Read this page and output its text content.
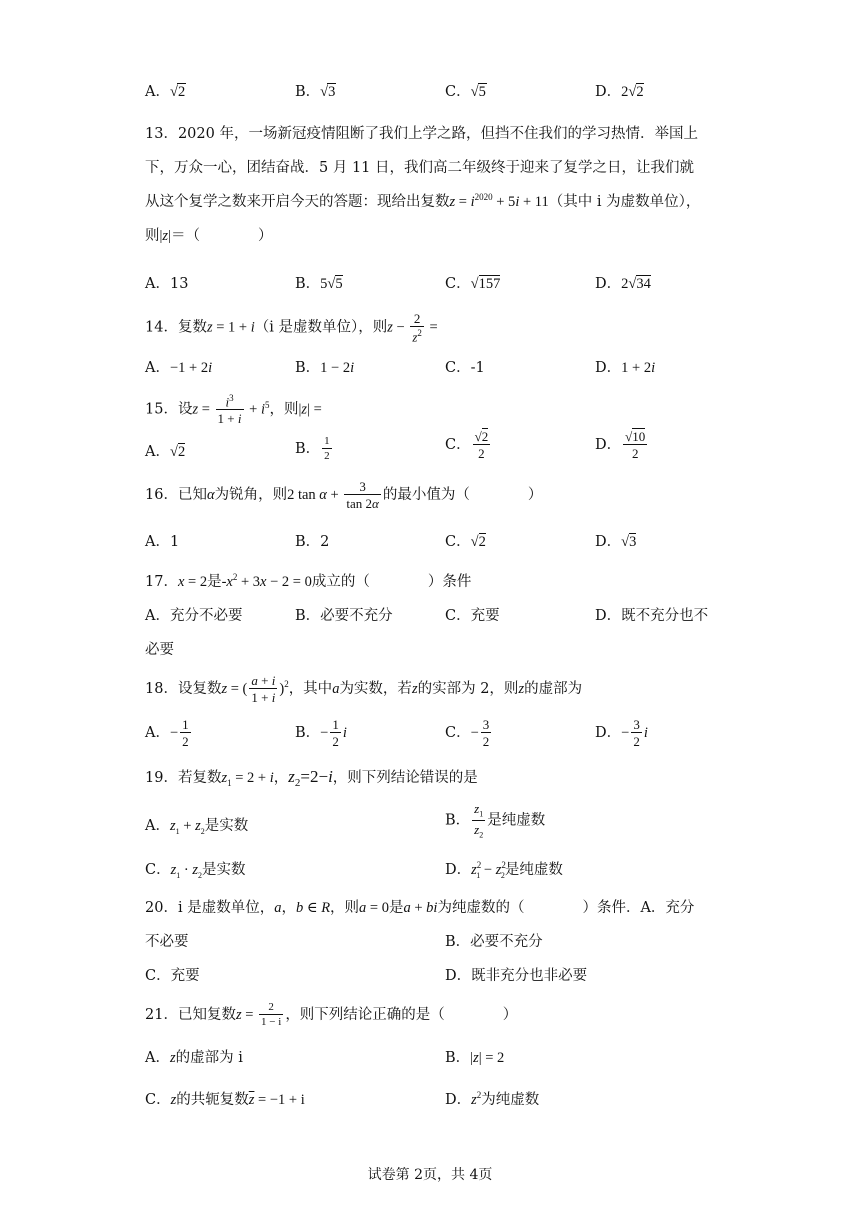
A．√2	B．√3	C．√5	D．2√2
13．2020 年，一场新冠疫情阻断了我们上学之路，但挡不住我们的学习热情．举国上
下，万众一心，团结奋战．5 月 11 日，我们高二年级终于迎来了复学之日，让我们就
从这个复学之数来开启今天的答题：现给出复数$z = i^{2020} + 5i + 11$（其中 i 为虚数单位），
则|z|＝（　　　　）
A．13	B．5√5	C．√157	D．2√34
14．复数z = 1 + i（i 是虚数单位），则$z - \frac{2}{z^2}$ =
A．−1 + 2i	B．1 − 2i	C．-1	D．1 + 2i
15．设$z = \frac{i^3}{1 + i} + i^5$，则|z| =
A．√2	B． $\frac{1}{2}$	C． $\frac{√2}{2}$	D． $\frac{√10}{2}$
16．已知α为锐角，则2 $\tan \alpha + \frac{3}{\tan 2\alpha}$ 的最小值为（　　　　）
A．1	B．2	C．√2	D．√3
17．x = 2是$-x^2 + 3x - 2 = 0$成立的（　　　　）条件
A．充分不必要	B．必要不充分	C．充要	D．既不充分也不
必要
18．设复数z = ( $\frac{a + i}{1 + i} )^2$，其中a为实数，若z的实部为 2，则z的虚部为
A．− $\frac{1}{2}$	B．− $\frac{1}{2}$ i	C．− $\frac{3}{2}$	D．− $\frac{3}{2}$ i
19．若复数$z_1 = 2 + i$，$z_2=2-i$，则下列结论错误的是
A．$z_1 + z_2$是实数	B． $\frac{z_1}{z_2}$ 是纯虚数
C．$z_1 \cdot z_2$是实数	D．$z^2_1 - z^2_2$是纯虚数
20．i 是虚数单位，a，b ∈ R，则a = 0是a + bi为纯虚数的（　　　　）条件．A．充分
不必要	B．必要不充分
C．充要	D．既非充分也非必要
21．已知复数$z = \frac{2}{1 - i}$ ，则下列结论正确的是（　　　　）
A．z的虚部为 i	B．|z| = 2
C．z的共轭复数$\overline{z} = -1 + i$	D．$z^2$为纯虚数
试卷第 2页，共 4页
